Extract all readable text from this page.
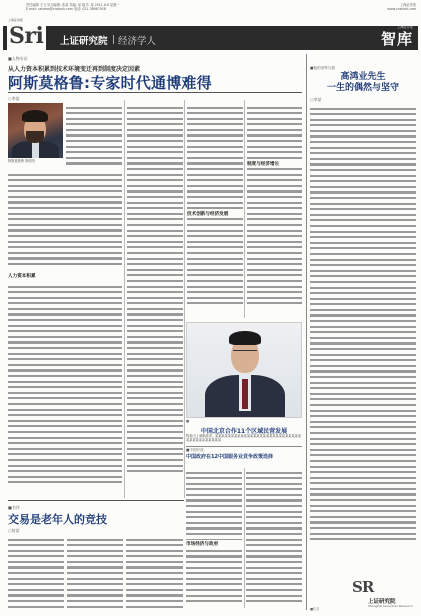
责任编辑 王飞 见习编辑: 张某 美编: 某 版式: 某 2011.6.6 星期一
E-mail: ssnews@cnstock.com 电话: 021-38967928
上海证券报
www.cnstock.com
上海证券报
Sri	上证研究院 经济学人
上海证券报
智库
■人物专访
从人力资本积累到技术环境变迁再到制度决定因素
阿斯莫格鲁:专家时代通博难得
○李某
阿斯莫格鲁 资料图
人力资本积累
技术创新与经济发展
制度与经济增长
■
中国北京合作11个区域民营发展
程某(左) 就职演讲。某某某某某某某某某某某某某某某某某某某某某某某某某某某某某某某某某某某某某某
■中国开放
中国政府在12中国服务业竞争政策选择
市场经济与政府
■书评
交易是老年人的竞技
○何某
■他的世界与我
高鸿业先生
一生的偶然与坚守
○李某
■栏目
SR
上证研究院
Shanghai Securities Research
